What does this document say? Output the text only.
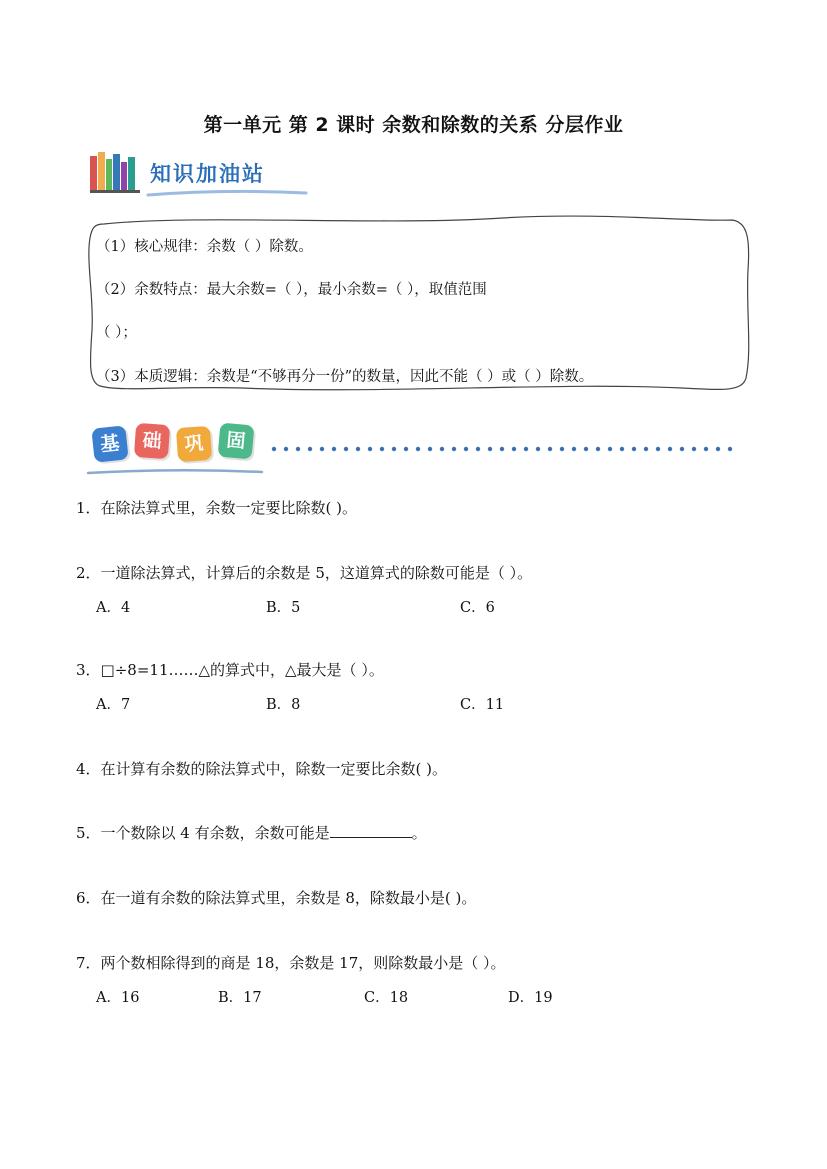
第一单元 第 2 课时 余数和除数的关系 分层作业
知识加油站
（1）核心规律：余数（ ）除数。
（2）余数特点：最大余数=（ ），最小余数=（ ），取值范围
（ ）；
（3）本质逻辑：余数是“不够再分一份”的数量，因此不能（ ）或（ ）除数。
基	础	巩	固
1．在除法算式里，余数一定要比除数( )。
2．一道除法算式，计算后的余数是 5，这道算式的除数可能是（ ）。
A．4	B．5	C．6
3．□÷8=11……△的算式中，△最大是（ ）。
A．7	B．8	C．11
4．在计算有余数的除法算式中，除数一定要比余数( )。
5．一个数除以 4 有余数，余数可能是	。
6．在一道有余数的除法算式里，余数是 8，除数最小是( )。
7．两个数相除得到的商是 18，余数是 17，则除数最小是（ ）。
A．16	B．17	C．18	D．19
